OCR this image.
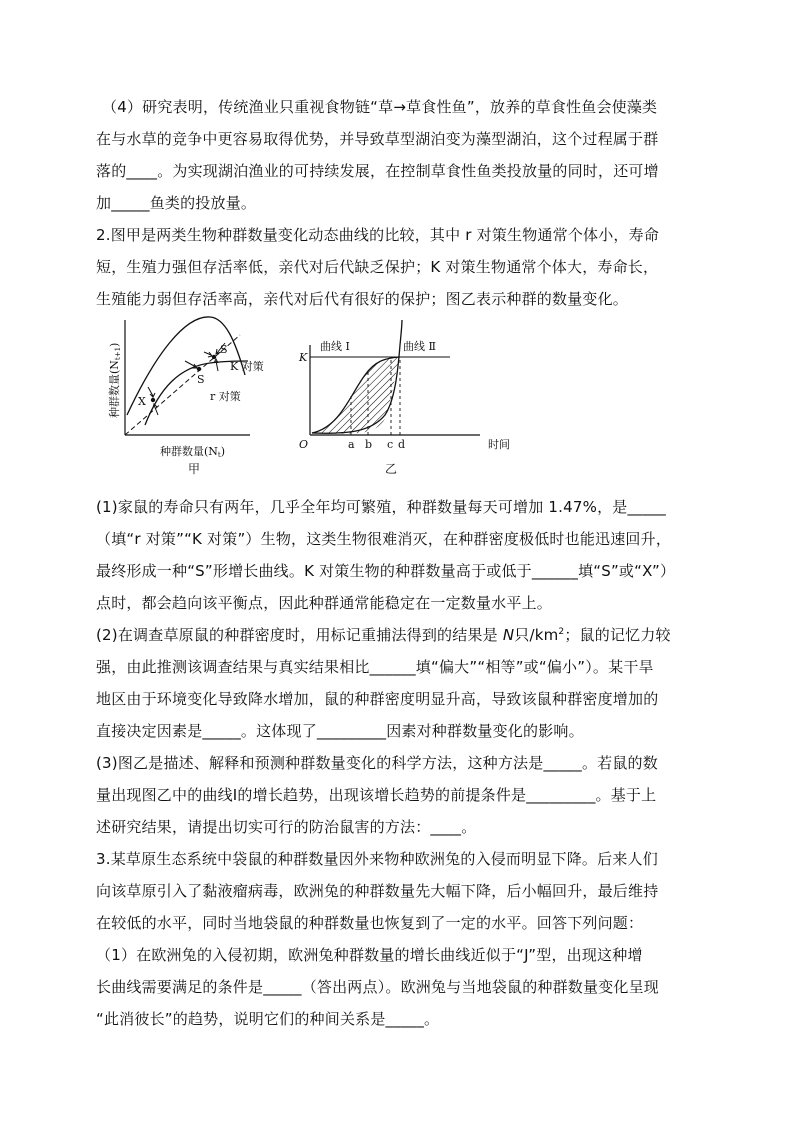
（4）研究表明，传统渔业只重视食物链“草→草食性鱼”，放养的草食性鱼会使藻类
在与水草的竞争中更容易取得优势，并导致草型湖泊变为藻型湖泊，这个过程属于群
落的____。为实现湖泊渔业的可持续发展，在控制草食性鱼类投放量的同时，还可增
加_____鱼类的投放量。
2.图甲是两类生物种群数量变化动态曲线的比较，其中 r 对策生物通常个体小，寿命
短，生殖力强但存活率低，亲代对后代缺乏保护；K 对策生物通常个体大，寿命长，
生殖能力弱但存活率高，亲代对后代有很好的保护；图乙表示种群的数量变化。
种群数量(Nt+1)	S
S
K 对策
X	r 对策
种群数量(Nt)
甲
曲线 Ⅰ	曲线 Ⅱ
K
O	a b c d	时间
乙
(1)家鼠的寿命只有两年，几乎全年均可繁殖，种群数量每天可增加 1.47%，是_____
（填“r 对策”“K 对策”）生物，这类生物很难消灭，在种群密度极低时也能迅速回升，
最终形成一种“S”形增长曲线。K 对策生物的种群数量高于或低于______填“S”或“X”）
点时，都会趋向该平衡点，因此种群通常能稳定在一定数量水平上。
(2)在调查草原鼠的种群密度时，用标记重捕法得到的结果是 N只$/km^2$；鼠的记忆力较
强，由此推测该调查结果与真实结果相比______填“偏大”“相等”或“偏小”）。某干旱
地区由于环境变化导致降水增加，鼠的种群密度明显升高，导致该鼠种群密度增加的
直接决定因素是_____。这体现了_________因素对种群数量变化的影响。
(3)图乙是描述、解释和预测种群数量变化的科学方法，这种方法是_____。若鼠的数
量出现图乙中的曲线Ⅰ的增长趋势，出现该增长趋势的前提条件是_________。基于上
述研究结果，请提出切实可行的防治鼠害的方法：____。
3.某草原生态系统中袋鼠的种群数量因外来物种欧洲兔的入侵而明显下降。后来人们
向该草原引入了黏液瘤病毒，欧洲兔的种群数量先大幅下降，后小幅回升，最后维持
在较低的水平，同时当地袋鼠的种群数量也恢复到了一定的水平。回答下列问题：
（1）在欧洲兔的入侵初期，欧洲兔种群数量的增长曲线近似于“J”型，出现这种增
长曲线需要满足的条件是_____（答出两点）。欧洲兔与当地袋鼠的种群数量变化呈现
“此消彼长”的趋势，说明它们的种间关系是_____。
